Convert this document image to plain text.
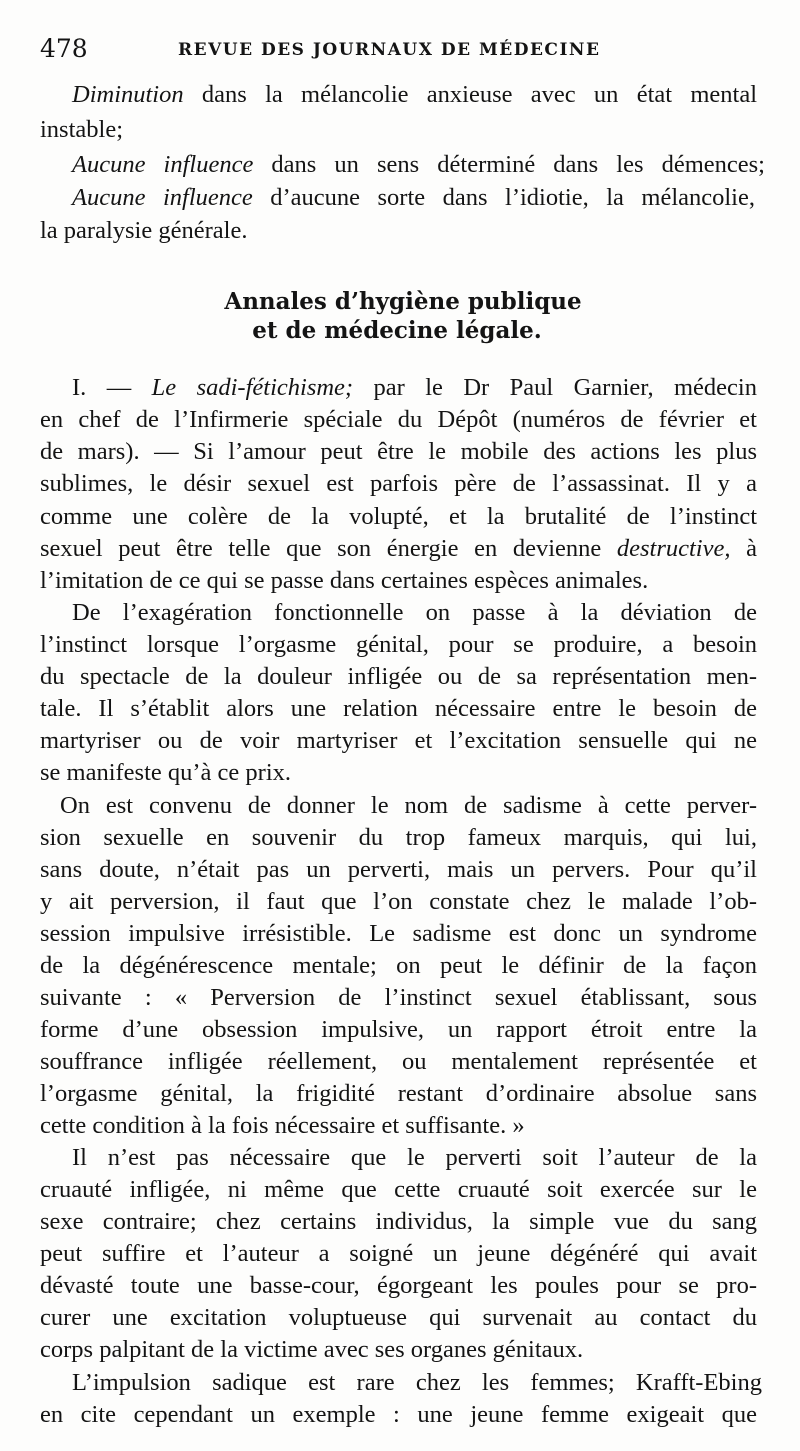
478	REVUE DES JOURNAUX DE MÉDECINE
Diminution dans la mélancolie anxieuse avec un état mental
instable;
Aucune influence dans un sens déterminé dans les démences;
Aucune influence d’aucune sorte dans l’idiotie, la mélancolie,
la paralysie générale.
Annales d’hygiène publique
et de médecine légale.
I. — Le sadi-fétichisme; par le Dr Paul Garnier, médecin
en chef de l’Infirmerie spéciale du Dépôt (numéros de février et
de mars). — Si l’amour peut être le mobile des actions les plus
sublimes, le désir sexuel est parfois père de l’assassinat. Il y a
comme une colère de la volupté, et la brutalité de l’instinct
sexuel peut être telle que son énergie en devienne destructive, à
l’imitation de ce qui se passe dans certaines espèces animales.
De l’exagération fonctionnelle on passe à la déviation de
l’instinct lorsque l’orgasme génital, pour se produire, a besoin
du spectacle de la douleur infligée ou de sa représentation men-
tale. Il s’établit alors une relation nécessaire entre le besoin de
martyriser ou de voir martyriser et l’excitation sensuelle qui ne
se manifeste qu’à ce prix.
On est convenu de donner le nom de sadisme à cette perver-
sion sexuelle en souvenir du trop fameux marquis, qui lui,
sans doute, n’était pas un perverti, mais un pervers. Pour qu’il
y ait perversion, il faut que l’on constate chez le malade l’ob-
session impulsive irrésistible. Le sadisme est donc un syndrome
de la dégénérescence mentale; on peut le définir de la façon
suivante : « Perversion de l’instinct sexuel établissant, sous
forme d’une obsession impulsive, un rapport étroit entre la
souffrance infligée réellement, ou mentalement représentée et
l’orgasme génital, la frigidité restant d’ordinaire absolue sans
cette condition à la fois nécessaire et suffisante. »
Il n’est pas nécessaire que le perverti soit l’auteur de la
cruauté infligée, ni même que cette cruauté soit exercée sur le
sexe contraire; chez certains individus, la simple vue du sang
peut suffire et l’auteur a soigné un jeune dégénéré qui avait
dévasté toute une basse-cour, égorgeant les poules pour se pro-
curer une excitation voluptueuse qui survenait au contact du
corps palpitant de la victime avec ses organes génitaux.
L’impulsion sadique est rare chez les femmes; Krafft-Ebing
en cite cependant un exemple : une jeune femme exigeait que
